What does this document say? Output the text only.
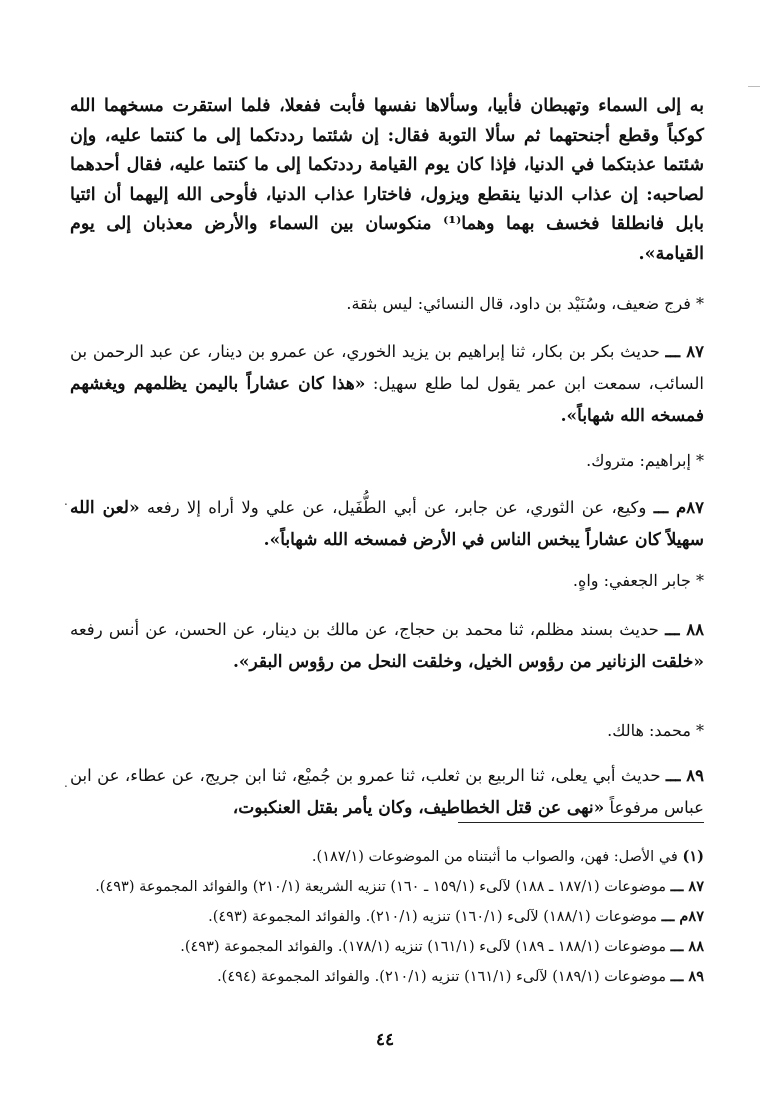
به إلى السماء وتهبطان فأبيا، وسألاها نفسها فأبت ففعلا، فلما استقرت مسخهما الله كوكباً وقطع أجنحتهما ثم سألا التوبة فقال: إن شئتما رددتكما إلى ما كنتما عليه، وإن شئتما عذبتكما في الدنيا، فإذا كان يوم القيامة رددتكما إلى ما كنتما عليه، فقال أحدهما لصاحبه: إن عذاب الدنيا ينقطع ويزول، فاختارا عذاب الدنيا، فأوحى الله إليهما أن ائتيا بابل فانطلقا فخسف بهما وهما⁽¹⁾ منكوسان بين السماء والأرض معذبان إلى يوم القيامة».

* فرج ضعيف، وسُنَيْد بن داود، قال النسائي: ليس بثقة.

٨٧ ـــ حديث بكر بن بكار، ثنا إبراهيم بن يزيد الخوري، عن عمرو بن دينار، عن عبد الرحمن بن السائب، سمعت ابن عمر يقول لما طلع سهيل: «هذا كان عشاراً باليمن يظلمهم ويغشهم فمسخه الله شهاباً».

* إبراهيم: متروك.

٨٧م ـــ وكيع، عن الثوري، عن جابر، عن أبي الطُّفَيل، عن علي ولا أراه إلا رفعه «لعن الله سهيلاً كان عشاراً يبخس الناس في الأرض فمسخه الله شهاباً».
.

* جابر الجعفي: واهٍ.

٨٨ ـــ حديث بسند مظلم، ثنا محمد بن حجاج، عن مالك بن دينار، عن الحسن، عن أنس رفعه «خلقت الزنانير من رؤوس الخيل، وخلقت النحل من رؤوس البقر».

* محمد: هالك.

٨٩ ـــ حديث أبي يعلى، ثنا الربيع بن ثعلب، ثنا عمرو بن جُميْع، ثنا ابن جريج، عن عطاء، عن ابن عباس مرفوعاً «نهى عن قتل الخطاطيف، وكان يأمر بقتل العنكبوت،
.

(١) في الأصل: فهن، والصواب ما أثبتناه من الموضوعات (١٨٧/١).

٨٧ ـــ موضوعات (١٨٧/١ ـ ١٨٨) لآلىء (١٥٩/١ ـ ١٦٠) تنزيه الشريعة (٢١٠/١) والفوائد المجموعة (٤٩٣).

٨٧م ـــ موضوعات (١٨٨/١) لآلىء (١٦٠/١) تنزيه (٢١٠/١). والفوائد المجموعة (٤٩٣).

٨٨ ـــ موضوعات (١٨٨/١ ـ ١٨٩) لآلىء (١٦١/١) تنزيه (١٧٨/١). والفوائد المجموعة (٤٩٣).

٨٩ ـــ موضوعات (١٨٩/١) لآلىء (١٦١/١) تنزيه (٢١٠/١). والفوائد المجموعة (٤٩٤).

٤٤
